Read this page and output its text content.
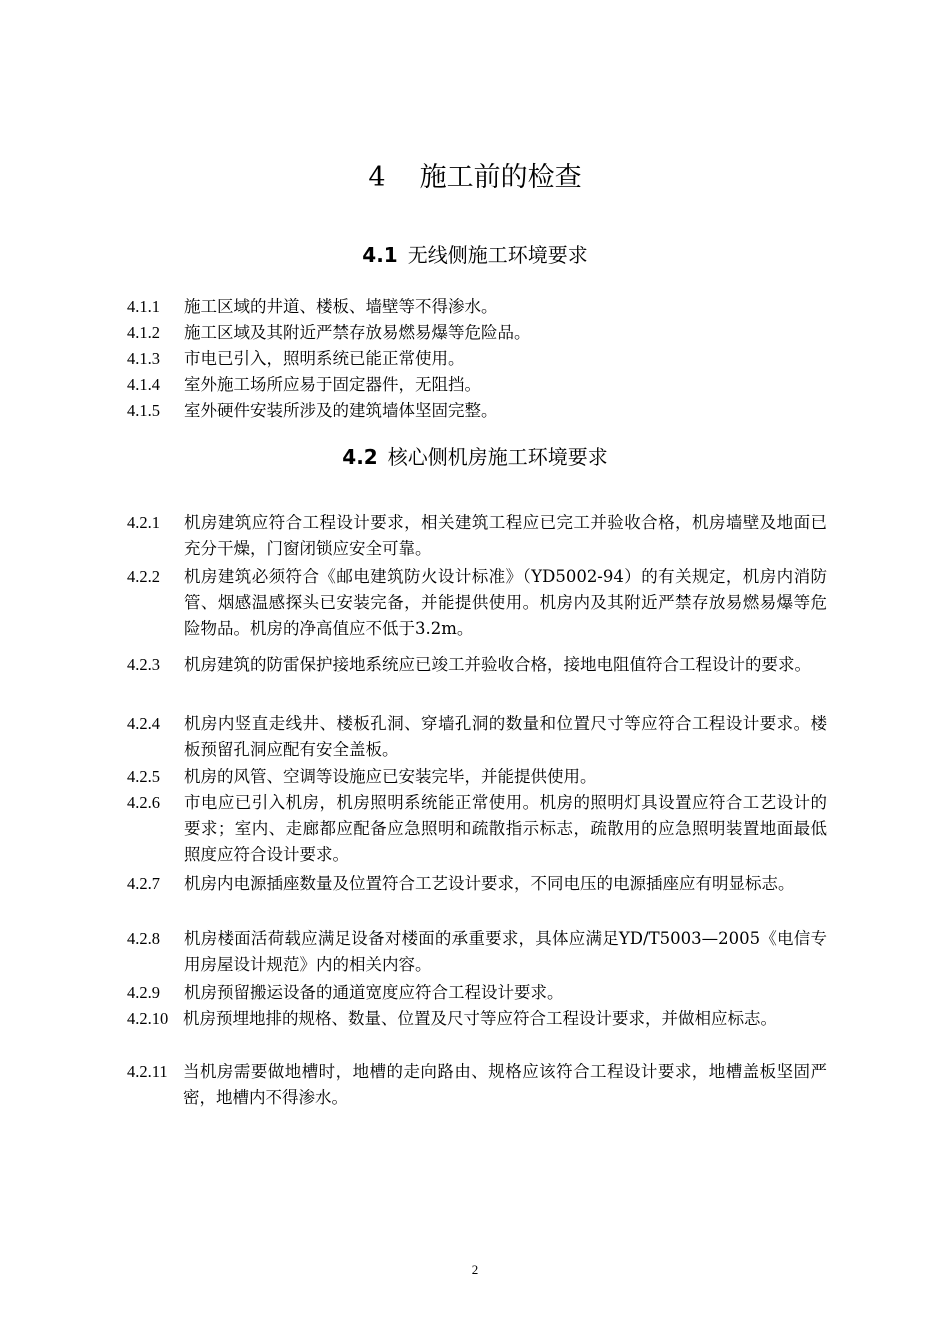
4 施工前的检查
4.1 无线侧施工环境要求
4.1.1 施工区域的井道、楼板、墙壁等不得渗水。
4.1.2 施工区域及其附近严禁存放易燃易爆等危险品。
4.1.3 市电已引入，照明系统已能正常使用。
4.1.4 室外施工场所应易于固定器件，无阻挡。
4.1.5 室外硬件安装所涉及的建筑墙体坚固完整。
4.2 核心侧机房施工环境要求
4.2.1 机房建筑应符合工程设计要求，相关建筑工程应已完工并验收合格，机房墙壁及地面已充分干燥，门窗闭锁应安全可靠。
4.2.2 机房建筑必须符合《邮电建筑防火设计标准》（YD5002-94）的有关规定，机房内消防管、烟感温感探头已安装完备，并能提供使用。机房内及其附近严禁存放易燃易爆等危险物品。机房的净高值应不低于3.2m。
4.2.3 机房建筑的防雷保护接地系统应已竣工并验收合格，接地电阻值符合工程设计的要求。
4.2.4 机房内竖直走线井、楼板孔洞、穿墙孔洞的数量和位置尺寸等应符合工程设计要求。楼板预留孔洞应配有安全盖板。
4.2.5 机房的风管、空调等设施应已安装完毕，并能提供使用。
4.2.6 市电应已引入机房，机房照明系统能正常使用。机房的照明灯具设置应符合工艺设计的要求；室内、走廊都应配备应急照明和疏散指示标志，疏散用的应急照明装置地面最低照度应符合设计要求。
4.2.7 机房内电源插座数量及位置符合工艺设计要求，不同电压的电源插座应有明显标志。
4.2.8 机房楼面活荷载应满足设备对楼面的承重要求，具体应满足YD/T5003—2005《电信专用房屋设计规范》内的相关内容。
4.2.9 机房预留搬运设备的通道宽度应符合工程设计要求。
4.2.10 机房预埋地排的规格、数量、位置及尺寸等应符合工程设计要求，并做相应标志。
4.2.11 当机房需要做地槽时，地槽的走向路由、规格应该符合工程设计要求，地槽盖板坚固严密，地槽内不得渗水。
2
